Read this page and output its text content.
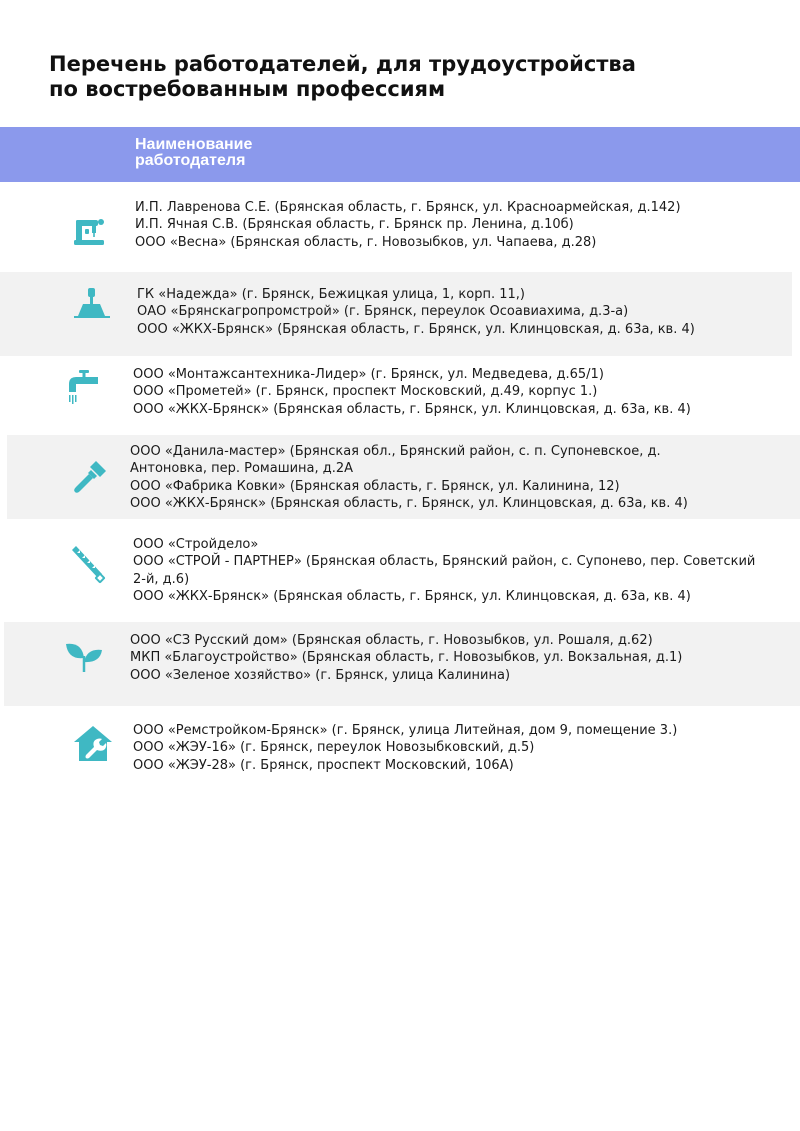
Перечень работодателей, для трудоустройства
по востребованным профессиям
Наименование
работодателя
И.П. Лавренова С.Е. (Брянская область, г. Брянск, ул. Красноармейская, д.142)
И.П. Ячная С.В. (Брянская область, г. Брянск пр. Ленина, д.10б)
ООО «Весна» (Брянская область, г. Новозыбков, ул. Чапаева, д.28)
ГК «Надежда» (г. Брянск, Бежицкая улица, 1, корп. 11,)
ОАО «Брянскагропромстрой» (г. Брянск, переулок Осоавиахима, д.3-а)
ООО «ЖКХ-Брянск» (Брянская область, г. Брянск, ул. Клинцовская, д. 63а, кв. 4)
ООО «Монтажсантехника-Лидер» (г. Брянск, ул. Медведева, д.65/1)
ООО «Прометей» (г. Брянск, проспект Московский, д.49, корпус 1.)
ООО «ЖКХ-Брянск» (Брянская область, г. Брянск, ул. Клинцовская, д. 63а, кв. 4)
ООО «Данила-мастер» (Брянская обл., Брянский район, с. п. Супоневское, д.
Антоновка, пер. Ромашина, д.2А
ООО «Фабрика Ковки» (Брянская область, г. Брянск, ул. Калинина, 12)
ООО «ЖКХ-Брянск» (Брянская область, г. Брянск, ул. Клинцовская, д. 63а, кв. 4)
ООО «Стройдело»
ООО «СТРОЙ - ПАРТНЕР» (Брянская область, Брянский район, с. Супонево, пер. Советский
2-й, д.6)
ООО «ЖКХ-Брянск» (Брянская область, г. Брянск, ул. Клинцовская, д. 63а, кв. 4)
ООО «СЗ Русский дом» (Брянская область, г. Новозыбков, ул. Рошаля, д.62)
МКП «Благоустройство» (Брянская область, г. Новозыбков, ул. Вокзальная, д.1)
ООО «Зеленое хозяйство» (г. Брянск, улица Калинина)
ООО «Ремстройком-Брянск» (г. Брянск, улица Литейная, дом 9, помещение 3.)
ООО «ЖЭУ-16» (г. Брянск, переулок Новозыбковский, д.5)
ООО «ЖЭУ-28» (г. Брянск, проспект Московский, 106А)
